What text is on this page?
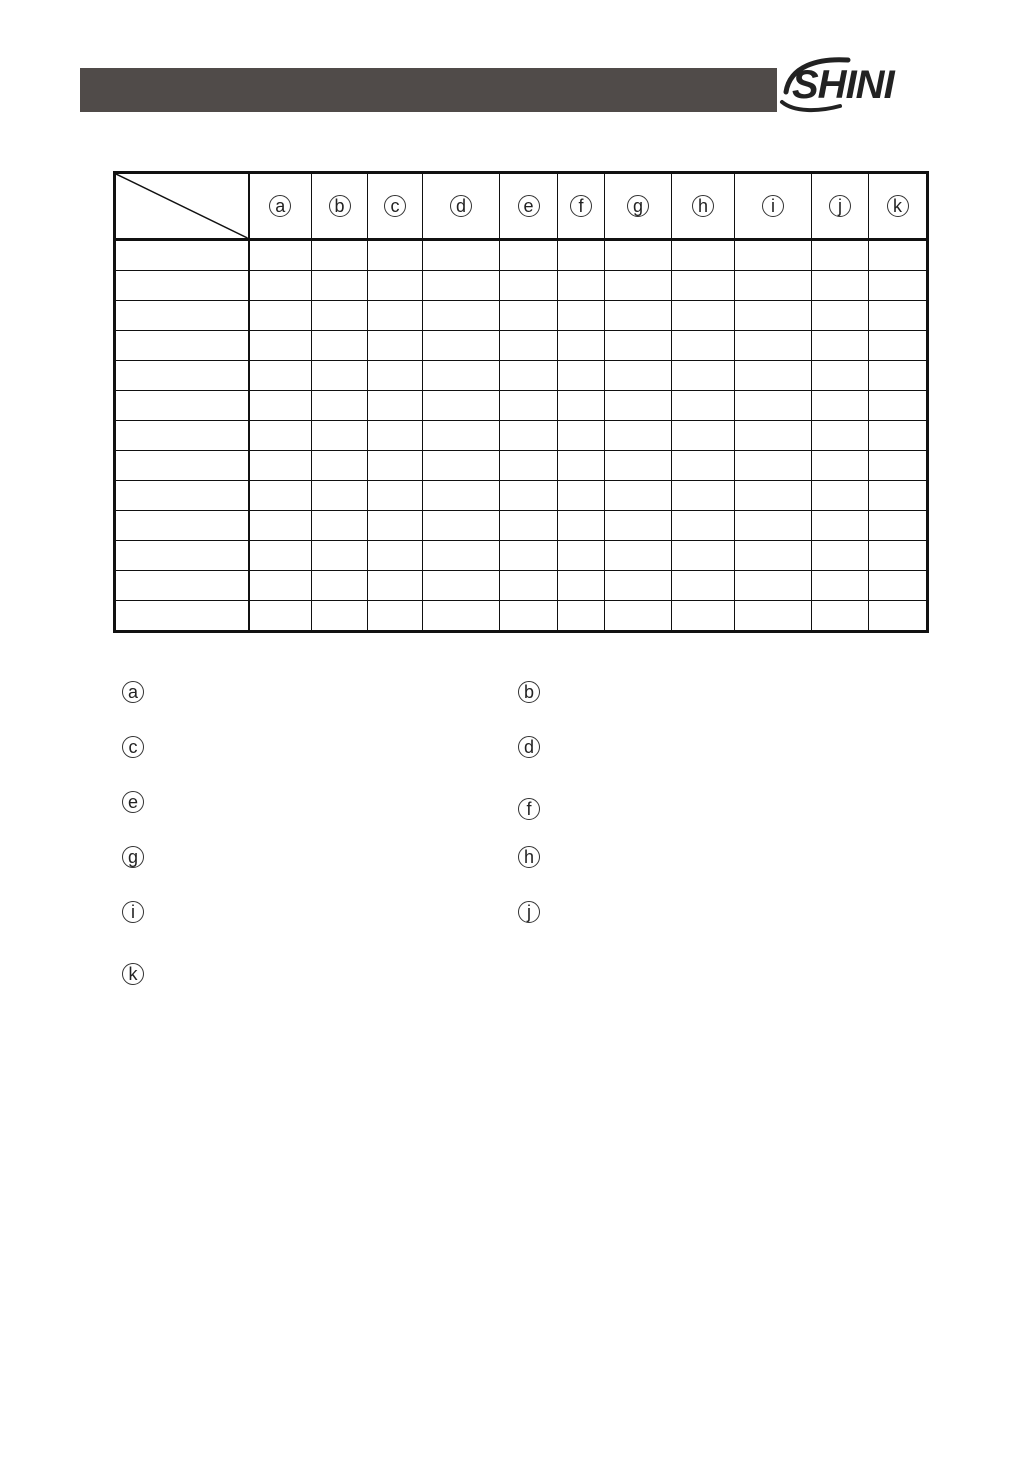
SHINI
	a	b	c	d	e	f	g	h	i	j	k

a	b
c	d
e	f
g	h
i	j
k
